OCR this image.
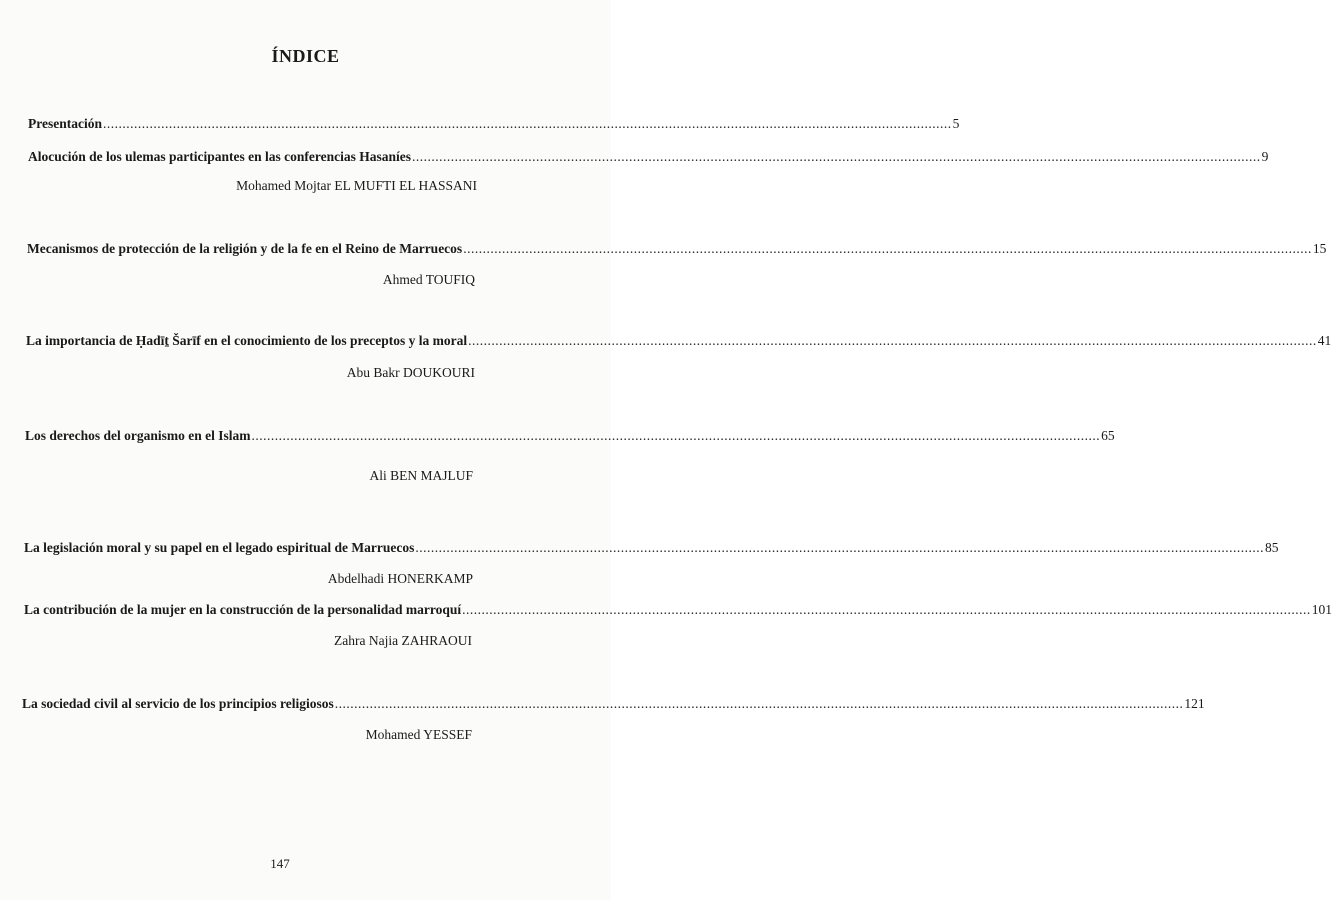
ÍNDICE
Presentación ........................................................................................................................................................................................................................... 5
Alocución de los ulemas participantes en las conferencias Hasaníes ........................................................................................................................................................................................................................... 9
Mohamed Mojtar EL MUFTI EL HASSANI
Mecanismos de protección de la religión y de la fe en el Reino de Marruecos ........................................................................................................................................................................................................................... 15
Ahmed TOUFIQ
La importancia de Ḥadīṯ Šarīf en el conocimiento de los preceptos y la moral ........................................................................................................................................................................................................................... 41
Abu Bakr DOUKOURI
Los derechos del organismo en el Islam ........................................................................................................................................................................................................................... 65
Ali BEN MAJLUF
La legislación moral y su papel en el legado espiritual de Marruecos ........................................................................................................................................................................................................................... 85
Abdelhadi HONERKAMP
La contribución de la mujer en la construcción de la personalidad marroquí ........................................................................................................................................................................................................................... 101
Zahra Najia ZAHRAOUI
La sociedad civil al servicio de los principios religiosos ........................................................................................................................................................................................................................... 121
Mohamed YESSEF
147
